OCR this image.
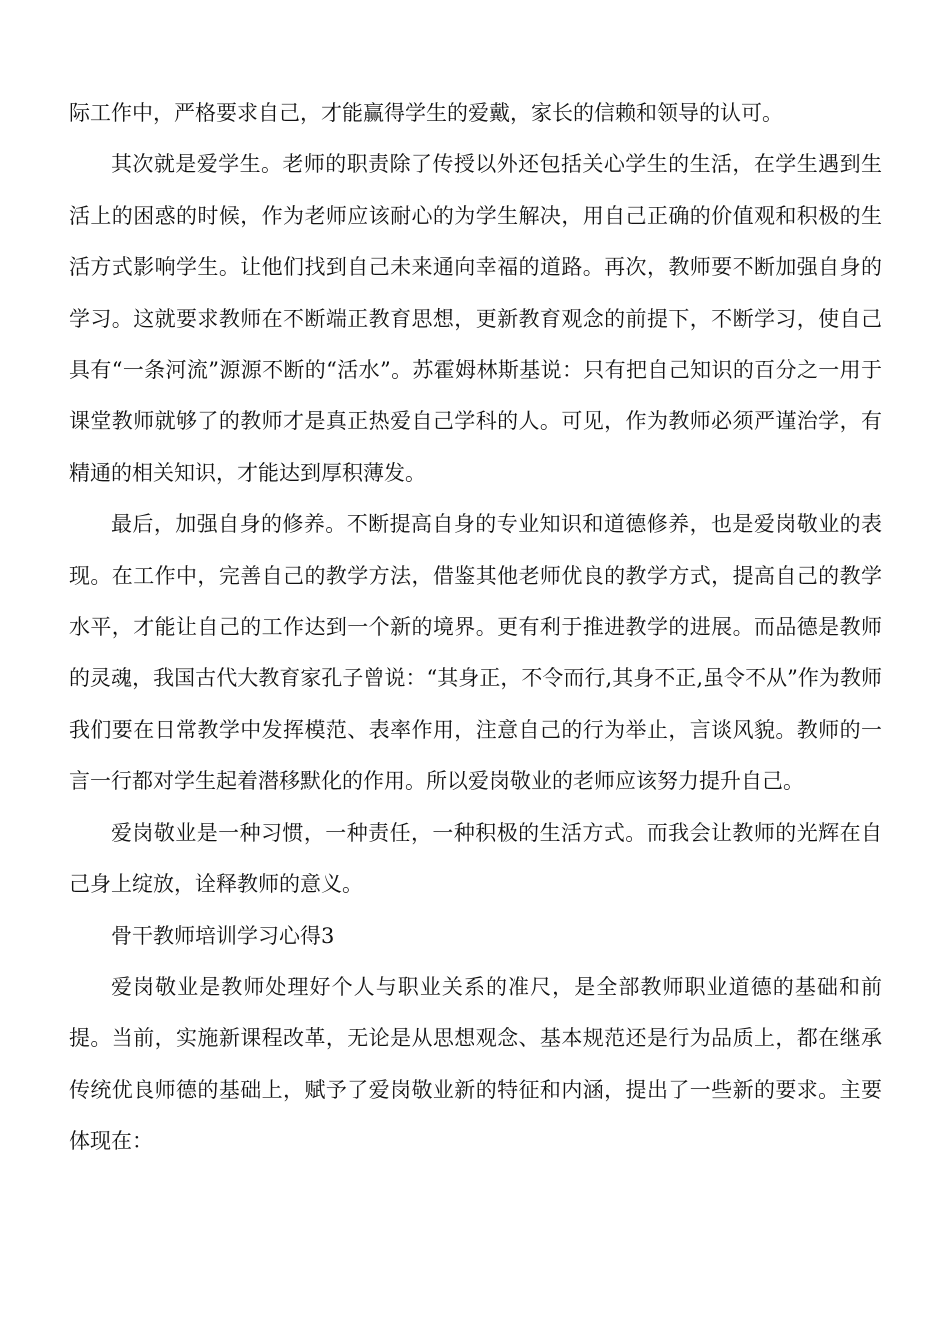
际工作中，严格要求自己，才能赢得学生的爱戴，家长的信赖和领导的认可。

其次就是爱学生。老师的职责除了传授以外还包括关心学生的生活，在学生遇到生活上的困惑的时候，作为老师应该耐心的为学生解决，用自己正确的价值观和积极的生活方式影响学生。让他们找到自己未来通向幸福的道路。再次，教师要不断加强自身的学习。这就要求教师在不断端正教育思想，更新教育观念的前提下，不断学习，使自己具有“一条河流”源源不断的“活水”。苏霍姆林斯基说：只有把自己知识的百分之一用于课堂教师就够了的教师才是真正热爱自己学科的人。可见，作为教师必须严谨治学，有精通的相关知识，才能达到厚积薄发。

最后，加强自身的修养。不断提高自身的专业知识和道德修养，也是爱岗敬业的表现。在工作中，完善自己的教学方法，借鉴其他老师优良的教学方式，提高自己的教学水平，才能让自己的工作达到一个新的境界。更有利于推进教学的进展。而品德是教师的灵魂，我国古代大教育家孔子曾说：“其身正，不令而行,其身不正,虽令不从”作为教师我们要在日常教学中发挥模范、表率作用，注意自己的行为举止，言谈风貌。教师的一言一行都对学生起着潜移默化的作用。所以爱岗敬业的老师应该努力提升自己。

爱岗敬业是一种习惯，一种责任，一种积极的生活方式。而我会让教师的光辉在自己身上绽放，诠释教师的意义。

骨干教师培训学习心得3

爱岗敬业是教师处理好个人与职业关系的准尺，是全部教师职业道德的基础和前提。当前，实施新课程改革，无论是从思想观念、基本规范还是行为品质上，都在继承传统优良师德的基础上，赋予了爱岗敬业新的特征和内涵，提出了一些新的要求。主要体现在：
